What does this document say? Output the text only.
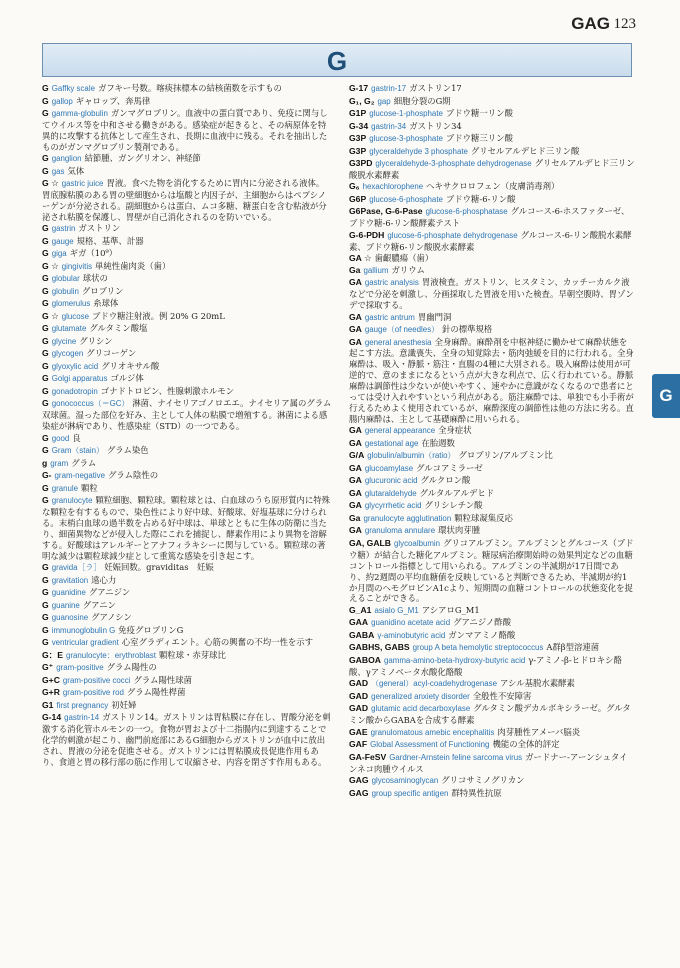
GAG 123
G
G
G Gaffky scale ガフキー号数。喀痰抹標本の結核菌数を示すもの
G gallop ギャロップ、奔馬律
G gamma-globulin ガンマグロブリン。血液中の蛋白質であり、免疫に関与してウイルス等を中和させる働きがある。感染症が起きると、その病原体を特異的に攻撃する抗体として産生され、長期に血液中に残る。それを抽出したものがガンマグロブリン製剤である。
G ganglion 結節腫、ガングリオン、神経節
G gas 気体
G ☆ gastric juice 胃液。食べた物を消化するために胃内に分泌される液体。胃底腺粘膜のある胃の壁細胞からは塩酸と内因子が、主細胞からはペプシノーゲンが分泌される。副細胞からは蛋白、ムコ多糖、糖蛋白を含む粘液が分泌され粘膜を保護し、胃壁が自己消化されるのを防いでいる。
G gastrin ガストリン
G gauge 規格、基準、計器
G giga ギガ（10⁹）
G ☆ gingivitis 単純性歯肉炎（歯）
G globular 球状の
G globulin グロブリン
G glomerulus 糸球体
G ☆ glucose ブドウ糖注射液。例 20% G 20mL
G glutamate グルタミン酸塩
G glycine グリシン
G glycogen グリコーゲン
G glyoxylic acid グリオキサル酸
G Golgi apparatus ゴルジ体
G gonadotropin ゴナドトロピン、性腺刺激ホルモン
G gonococcus（＝GC） 淋菌、ナイセリアゴノロエエ。ナイセリア属のグラム双球菌。湿った部位を好み、主として人体の粘膜で増殖する。淋菌による感染症が淋病であり、性感染症（STD）の一つである。
G good 良
G Gram（stain） グラム染色
g gram グラム
G- gram-negative グラム陰性の
G granule 顆粒
G granulocyte 顆粒細胞、顆粒球。顆粒球とは、白血球のうち原形質内に特殊な顆粒を有するもので、染色性により好中球、好酸球、好塩基球に分けられる。末梢白血球の過半数を占める好中球は、単球とともに生体の防衛に当たり、細菌異物などが侵入した際にこれを捕捉し、酵素作用により異物を溶解する。好酸球はアレルギーとアナフィラキシーに関与している。顆粒球の著明な減少は顆粒球減少症として重篤な感染を引き起こす。
G gravida［ラ］ 妊娠回数。graviditas　妊娠
G gravitation 遠心力
G guanidine グアニジン
G guanine グアニン
G guanosine グアノシン
G immunoglobulin G 免疫グロブリンG
G ventricular gradient 心室グラディエント。心筋の興奮の不均一性を示す
G：E granulocyte：erythroblast 顆粒球・赤芽球比
G⁺ gram-positive グラム陽性の
G+C gram-positive cocci グラム陽性球菌
G+R gram-positive rod グラム陽性桿菌
G1 first pregnancy 初妊婦
G-14 gastrin-14 ガストリン14。ガストリンは胃粘膜に存在し、胃酸分泌を刺激する消化管ホルモンの一つ。食物が胃および十二指腸内に到達することで化学的刺激が起こり、幽門前庭部にあるG細胞からガストリンが血中に放出され、胃液の分泌を促進させる。ガストリンには胃粘膜成長促進作用もあり、食道と胃の移行部の筋に作用して収縮させ、内容を閉ざす作用もある。
G-17 gastrin-17 ガストリン17
G₁, G₂ gap 細胞分裂のG期
G1P glucose-1-phosphate ブドウ糖一リン酸
G-34 gastrin-34 ガストリン34
G3P glucose-3-phosphate ブドウ糖三リン酸
G3P glyceraldehyde 3 phosphate グリセルアルデヒド三リン酸
G3PD glyceraldehyde-3-phosphate dehydrogenase グリセルアルデヒド三リン酸脱水素酵素
G₆ hexachlorophene ヘキサクロロフェン（皮膚消毒剤）
G6P glucose-6-phosphate ブドウ糖-6-リン酸
G6Pase, G-6-Pase glucose-6-phosphatase グルコース-6-ホスファターゼ、ブドウ糖-6-リン酸酵素テスト
G-6-PDH glucose-6-phosphate dehydrogenase グルコース-6-リン酸脱水素酵素、ブドウ糖6-リン酸脱水素酵素
GA ☆ 歯齦膿瘍（歯）
Ga gallium ガリウム
GA gastric analysis 胃液検査。ガストリン、ヒスタミン、カッチーカルク液などで分泌を刺激し、分画採取した胃液を用いた検査。早朝空腹時、胃ゾンデで採取する。
GA gastric antrum 胃幽門洞
GA gauge（of needles） 針の標準規格
GA general anesthesia 全身麻酔。麻酔剤を中枢神経に働かせて麻酔状態を起こす方法。意識喪失、全身の知覚除去・筋肉弛緩を目的に行われる。全身麻酔は、吸入・静脈・筋注・直腸の4種に大別される。吸入麻酔は使用が可逆的で、意のままになるという点が大きな利点で、広く行われている。静脈麻酔は調節性は少ないが使いやすく、速やかに意識がなくなるので患者にとっては受け入れやすいという利点がある。筋注麻酔では、単独でも小手術が行えるためよく使用されているが、麻酔深度の調節性は他の方法に劣る。直腸内麻酔は、主として基礎麻酔に用いられる。
GA general appearance 全身症状
GA gestational age 在胎週数
G/A globulin/albumin（ratio） グロブリン/アルブミン比
GA glucoamylase グルコアミラーゼ
GA glucuronic acid グルクロン酸
GA glutaraldehyde グルタルアルデヒド
GA glycyrrhetic acid グリシレチン酸
Ga granulocyte agglutination 顆粒球凝集反応
GA granuloma annulare 環状肉芽腫
GA, GALB glycoalbumin グリコアルブミン。アルブミンとグルコース（ブドウ糖）が結合した糖化アルブミン。糖尿病治療開始時の効果判定などの血糖コントロール指標として用いられる。アルブミンの半減期が17日間であり、約2週間の平均血糖値を反映していると判断できるため、半減期が約1か月間のヘモグロビンA1cより、短期間の血糖コントロールの状態変化を捉えることができる。
G_A1 asialo G_M1 アシアロG_M1
GAA guanidino acetate acid グアニジノ酢酸
GABA γ-aminobutyric acid ガンマアミノ酪酸
GABHS, GABS group A beta hemolytic streptococcus A群β型溶連菌
GABOA gamma-amino-beta-hydroxy-butyric acid γ-アミノ-β-ヒドロキシ酪酸、γアミノベータ水酸化酪酸
GAD （general）acyl-coadehydrogenase アシル基脱水素酵素
GAD generalized anxiety disorder 全般性不安障害
GAD glutamic acid decarboxylase グルタミン酸デカルボキシラーゼ。グルタミン酸からGABAを合成する酵素
GAE granulomatous amebic encephalitis 肉芽腫性アメーバ脳炎
GAF Global Assessment of Functioning 機能の全体的評定
GA-FeSV Gardner-Arnstein feline sarcoma virus ガードナー-アーンシュタインネコ肉腫ウイルス
GAG glycosaminoglycan グリコサミノグリカン
GAG group specific antigen 群特異性抗原
